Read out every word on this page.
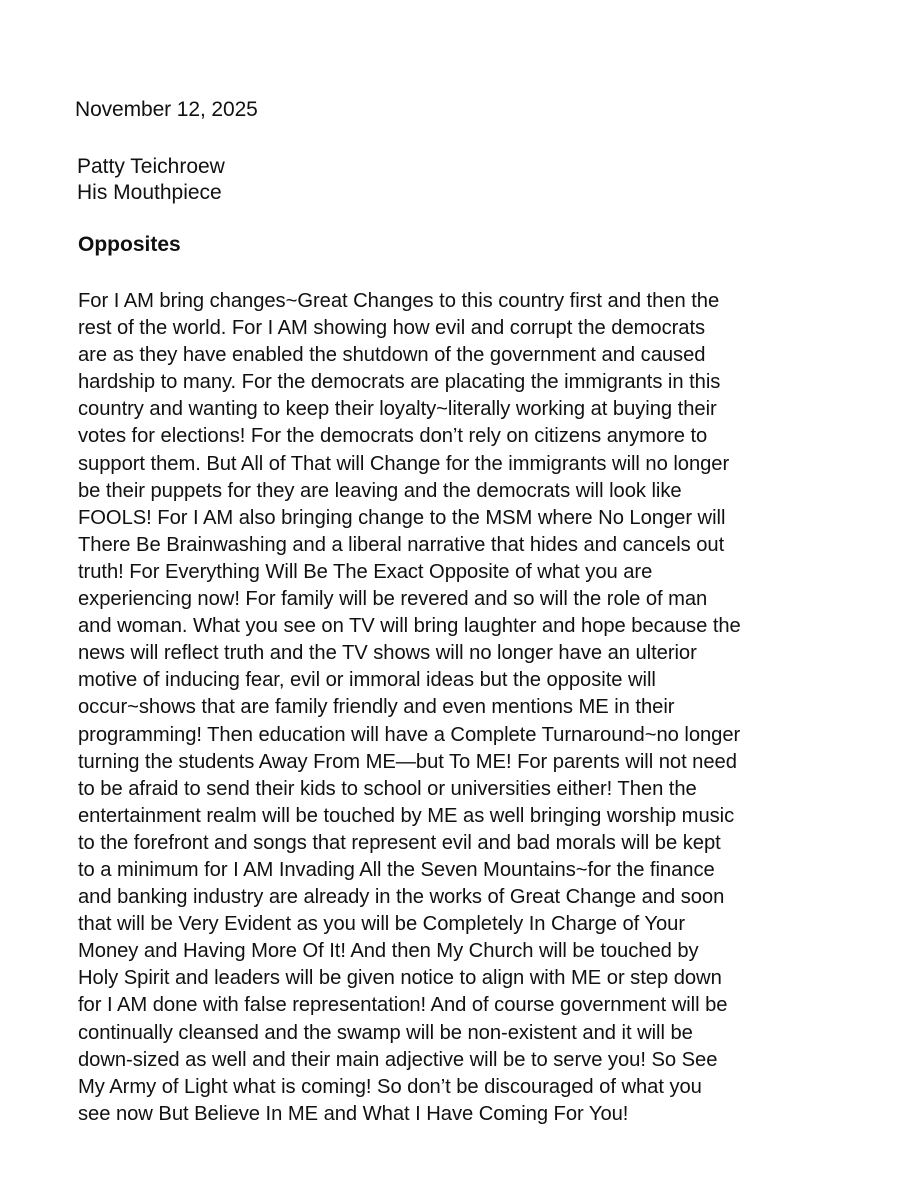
November 12, 2025
Patty Teichroew
His Mouthpiece
Opposites
For I AM bring changes~Great Changes to this country first and then the
rest of the world. For I AM showing how evil and corrupt the democrats
are as they have enabled the shutdown of the government and caused
hardship to many. For the democrats are placating the immigrants in this
country and wanting to keep their loyalty~literally working at buying their
votes for elections! For the democrats don’t rely on citizens anymore to
support them. But All of That will Change for the immigrants will no longer
be their puppets for they are leaving and the democrats will look like
FOOLS! For I AM also bringing change to the MSM where No Longer will
There Be Brainwashing and a liberal narrative that hides and cancels out
truth! For Everything Will Be The Exact Opposite of what you are
experiencing now! For family will be revered and so will the role of man
and woman. What you see on TV will bring laughter and hope because the
news will reflect truth and the TV shows will no longer have an ulterior
motive of inducing fear, evil or immoral ideas but the opposite will
occur~shows that are family friendly and even mentions ME in their
programming! Then education will have a Complete Turnaround~no longer
turning the students Away From ME—but To ME! For parents will not need
to be afraid to send their kids to school or universities either! Then the
entertainment realm will be touched by ME as well bringing worship music
to the forefront and songs that represent evil and bad morals will be kept
to a minimum for I AM Invading All the Seven Mountains~for the finance
and banking industry are already in the works of Great Change and soon
that will be Very Evident as you will be Completely In Charge of Your
Money and Having More Of It! And then My Church will be touched by
Holy Spirit and leaders will be given notice to align with ME or step down
for I AM done with false representation! And of course government will be
continually cleansed and the swamp will be non-existent and it will be
down-sized as well and their main adjective will be to serve you! So See
My Army of Light what is coming! So don’t be discouraged of what you
see now But Believe In ME and What I Have Coming For You!
